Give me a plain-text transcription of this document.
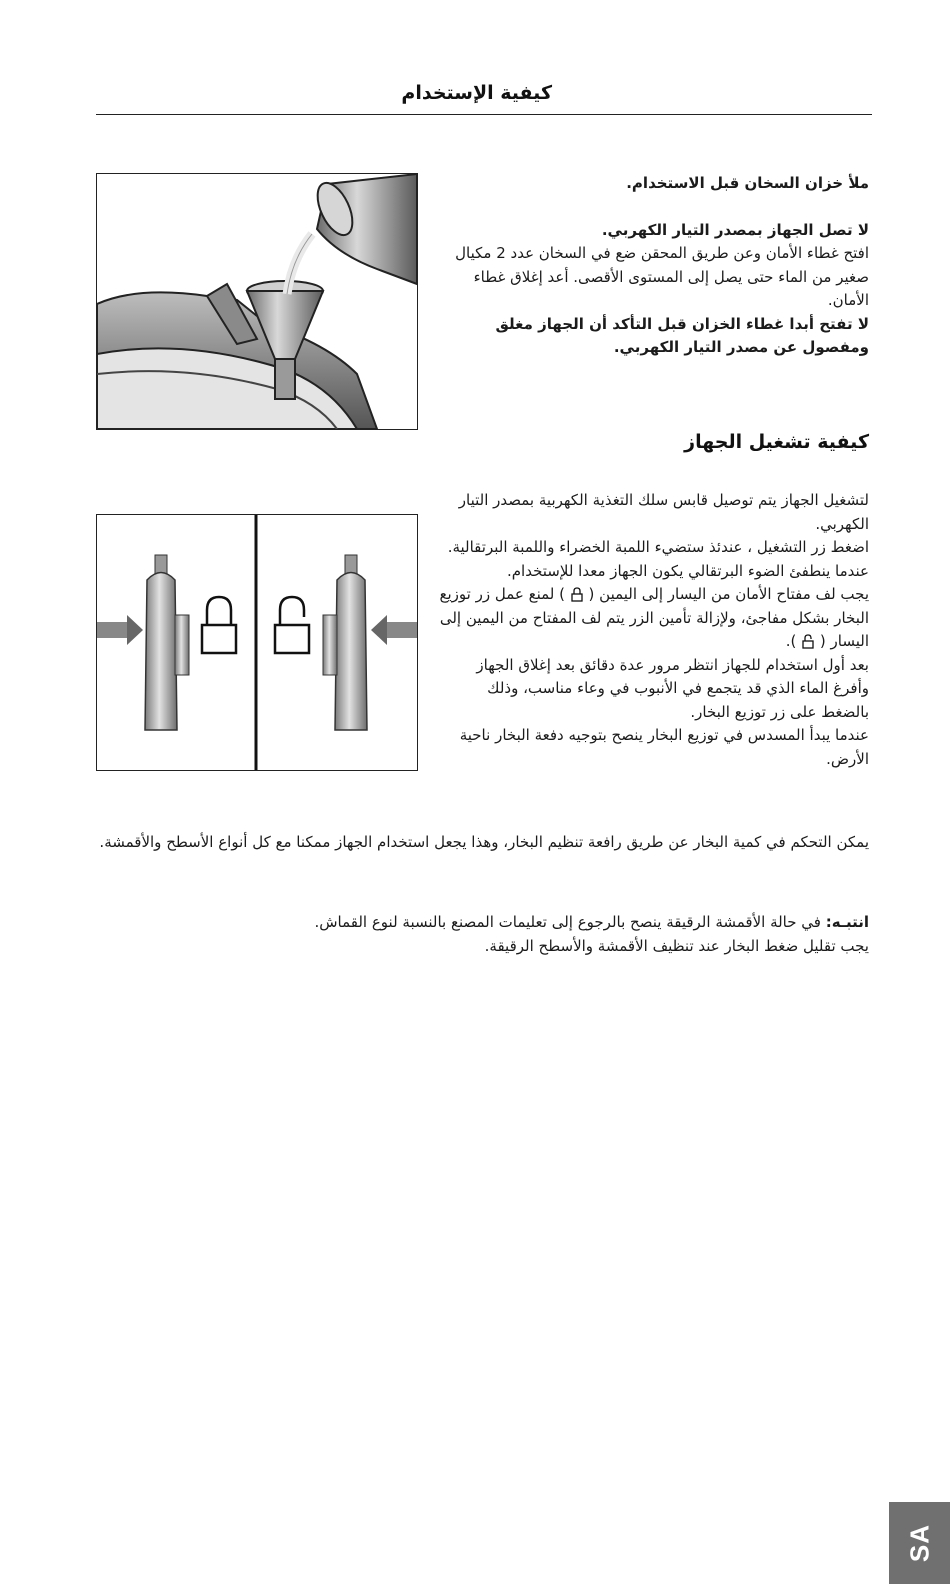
كيفية الإستخدام

ملأ خزان السخان قبل الاستخدام.

لا تصل الجهاز بمصدر التيار الكهربي.

افتح غطاء الأمان وعن طريق المحقن ضع في السخان عدد 2 مكيال صغير من الماء حتى يصل إلى المستوى الأقصى. أعد إغلاق غطاء الأمان.

لا تفتح أبدا غطاء الخزان قبل التأكد أن الجهاز مغلق ومفصول عن مصدر التيار الكهربي.

كيفية تشغيل الجهاز

لتشغيل الجهاز يتم توصيل قابس سلك التغذية الكهربية بمصدر التيار الكهربي.

اضغط زر التشغيل ، عندئذ ستضيء اللمبة الخضراء واللمبة البرتقالية.

عندما ينطفئ الضوء البرتقالي يكون الجهاز معدا للإستخدام.

يجب لف مفتاح الأمان من اليسار إلى اليمين (  ) لمنع عمل زر توزيع البخار بشكل مفاجئ، ولإزالة تأمين الزر يتم لف المفتاح من اليمين إلى اليسار (  ).

بعد أول استخدام للجهاز انتظر مرور عدة دقائق بعد إغلاق الجهاز وأفرغ الماء الذي قد يتجمع في الأنبوب في وعاء مناسب، وذلك بالضغط على زر توزيع البخار.

عندما يبدأ المسدس في توزيع البخار ينصح بتوجيه دفعة البخار ناحية الأرض.

يمكن التحكم في كمية البخار عن طريق رافعة تنظيم البخار، وهذا يجعل استخدام الجهاز ممكنا مع كل أنواع الأسطح والأقمشة.

انتبـه: في حالة الأقمشة الرقيقة ينصح بالرجوع إلى تعليمات المصنع بالنسبة لنوع القماش.

يجب تقليل ضغط البخار عند تنظيف الأقمشة والأسطح الرقيقة.

SA
